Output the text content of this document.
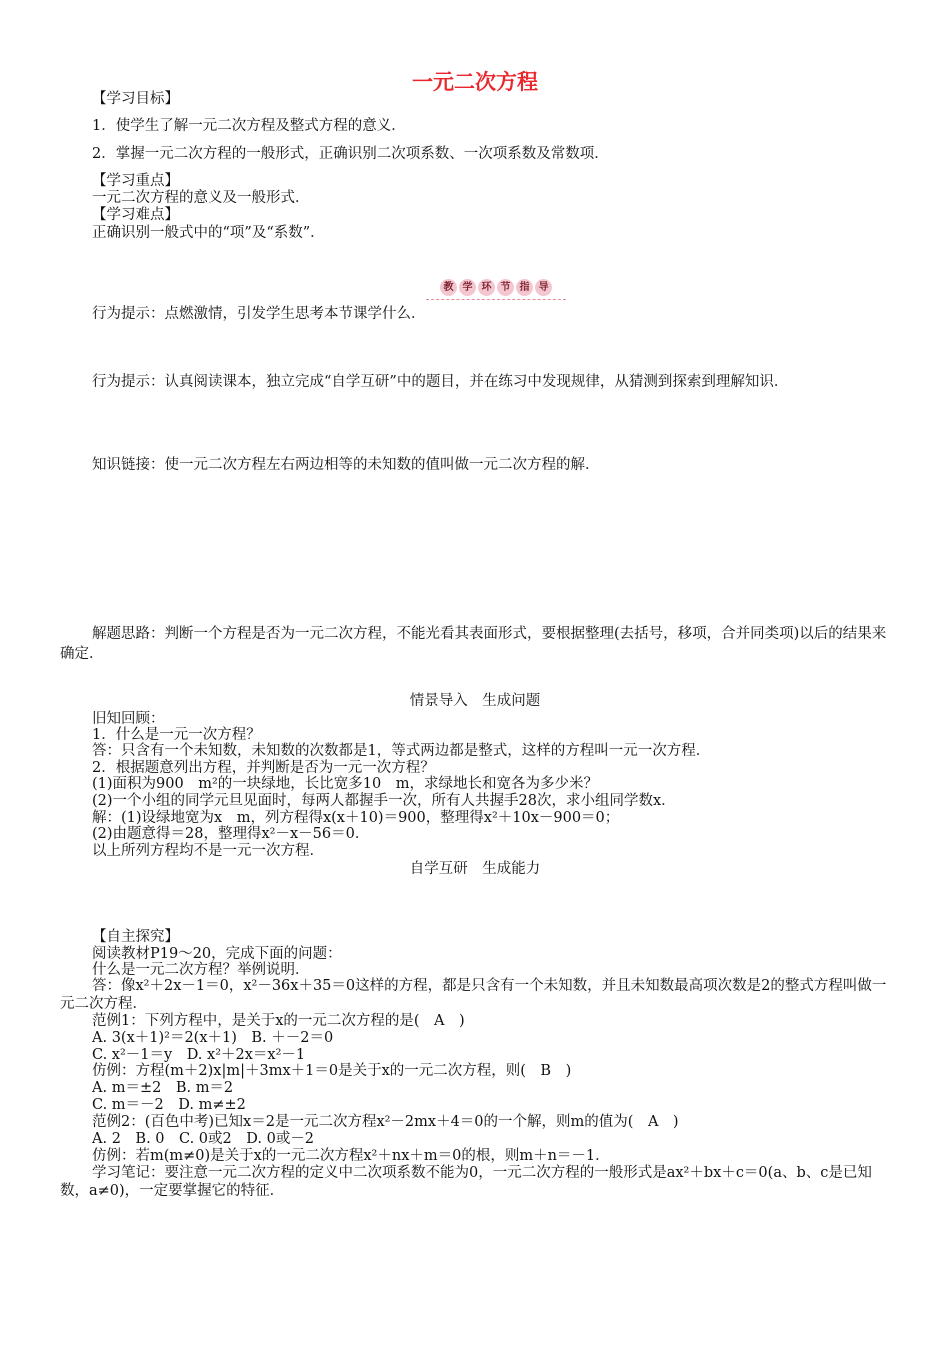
一元二次方程
【学习目标】
1．使学生了解一元二次方程及整式方程的意义．
2．掌握一元二次方程的一般形式，正确识别二次项系数、一次项系数及常数项．
【学习重点】
一元二次方程的意义及一般形式．
【学习难点】
正确识别一般式中的“项”及“系数”．
教 学 环 节 指 导
行为提示：点燃激情，引发学生思考本节课学什么．
行为提示：认真阅读课本，独立完成“自学互研”中的题目，并在练习中发现规律，从猜测到探索到理解知识．
知识链接：使一元二次方程左右两边相等的未知数的值叫做一元二次方程的解．
解题思路：判断一个方程是否为一元二次方程，不能光看其表面形式，要根据整理(去括号，移项，合并同类项)以后的结果来确定．
情景导入　生成问题
旧知回顾：
1．什么是一元一次方程？
答：只含有一个未知数，未知数的次数都是1，等式两边都是整式，这样的方程叫一元一次方程．
2．根据题意列出方程，并判断是否为一元一次方程？
(1)面积为900　m²的一块绿地，长比宽多10　m，求绿地长和宽各为多少米？
(2)一个小组的同学元旦见面时，每两人都握手一次，所有人共握手28次，求小组同学数x．
解：(1)设绿地宽为x　m，列方程得x(x＋10)＝900，整理得x²＋10x－900＝0；
(2)由题意得＝28，整理得x²－x－56＝0．
以上所列方程均不是一元一次方程．
自学互研　生成能力
【自主探究】
阅读教材P19～20，完成下面的问题：
什么是一元二次方程？举例说明．
答：像x²＋2x－1＝0，x²－36x＋35＝0这样的方程，都是只含有一个未知数，并且未知数最高项次数是2的整式方程叫做一元二次方程．
范例1：下列方程中，是关于x的一元二次方程的是(　A　)
A. 3(x＋1)²＝2(x＋1)　B. ＋－2＝0
C. x²－1＝y　D. x²＋2x＝x²－1
仿例：方程(m＋2)x|m|＋3mx＋1＝0是关于x的一元二次方程，则(　B　)
A. m＝±2　B. m＝2
C. m＝－2　D. m≠±2
范例2：(百色中考)已知x＝2是一元二次方程x²－2mx＋4＝0的一个解，则m的值为(　A　)
A. 2　B. 0　C. 0或2　D. 0或－2
仿例：若m(m≠0)是关于x的一元二次方程x²＋nx＋m＝0的根，则m＋n＝－1．
学习笔记：要注意一元二次方程的定义中二次项系数不能为0，一元二次方程的一般形式是ax²＋bx＋c＝0(a、b、c是已知数，a≠0)，一定要掌握它的特征．
